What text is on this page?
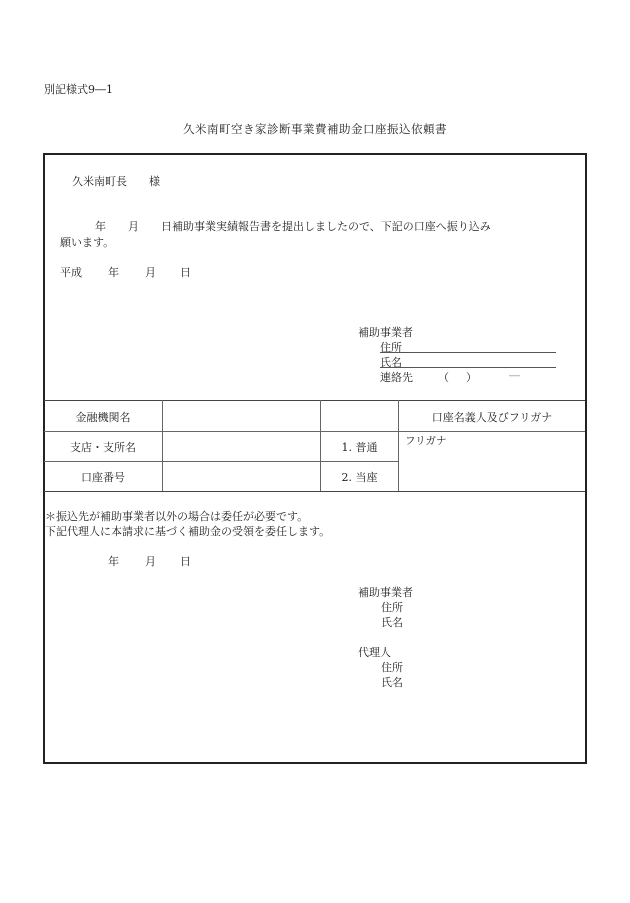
別記様式9―1
久米南町空き家診断事業費補助金口座振込依頼書
久米南町長　　様
　　年　　月　　日補助事業実績報告書を提出しましたので、下記の口座へ振り込み
願います。
平成 年 月 日
補助事業者
住所
氏名
連絡先 （ ）	―
金融機関名
支店・支所名
口座番号
1. 普通
2. 当座
口座名義人及びフリガナ
フリガナ
＊振込先が補助事業者以外の場合は委任が必要です。
下記代理人に本請求に基づく補助金の受領を委任します。
年 月 日
補助事業者
住所
氏名
代理人
住所
氏名
